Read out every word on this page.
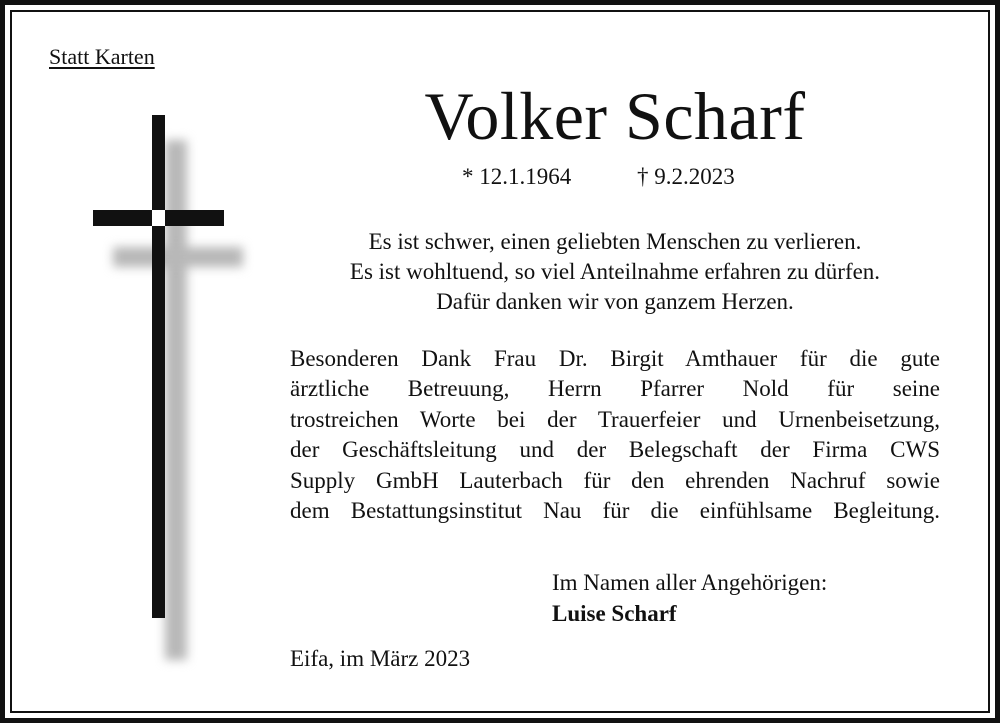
Statt Karten
Volker Scharf
* 12.1.1964	† 9.2.2023

Es ist schwer, einen geliebten Menschen zu verlieren.
Es ist wohltuend, so viel Anteilnahme erfahren zu dürfen.
Dafür danken wir von ganzem Herzen.

Besonderen Dank Frau Dr. Birgit Amthauer für die gute
ärztliche Betreuung, Herrn Pfarrer Nold für seine
trostreichen Worte bei der Trauerfeier und Urnenbeisetzung,
der Geschäftsleitung und der Belegschaft der Firma CWS
Supply GmbH Lauterbach für den ehrenden Nachruf sowie
dem Bestattungsinstitut Nau für die einfühlsame Begleitung.

Im Namen aller Angehörigen:
Luise Scharf
Eifa, im März 2023
